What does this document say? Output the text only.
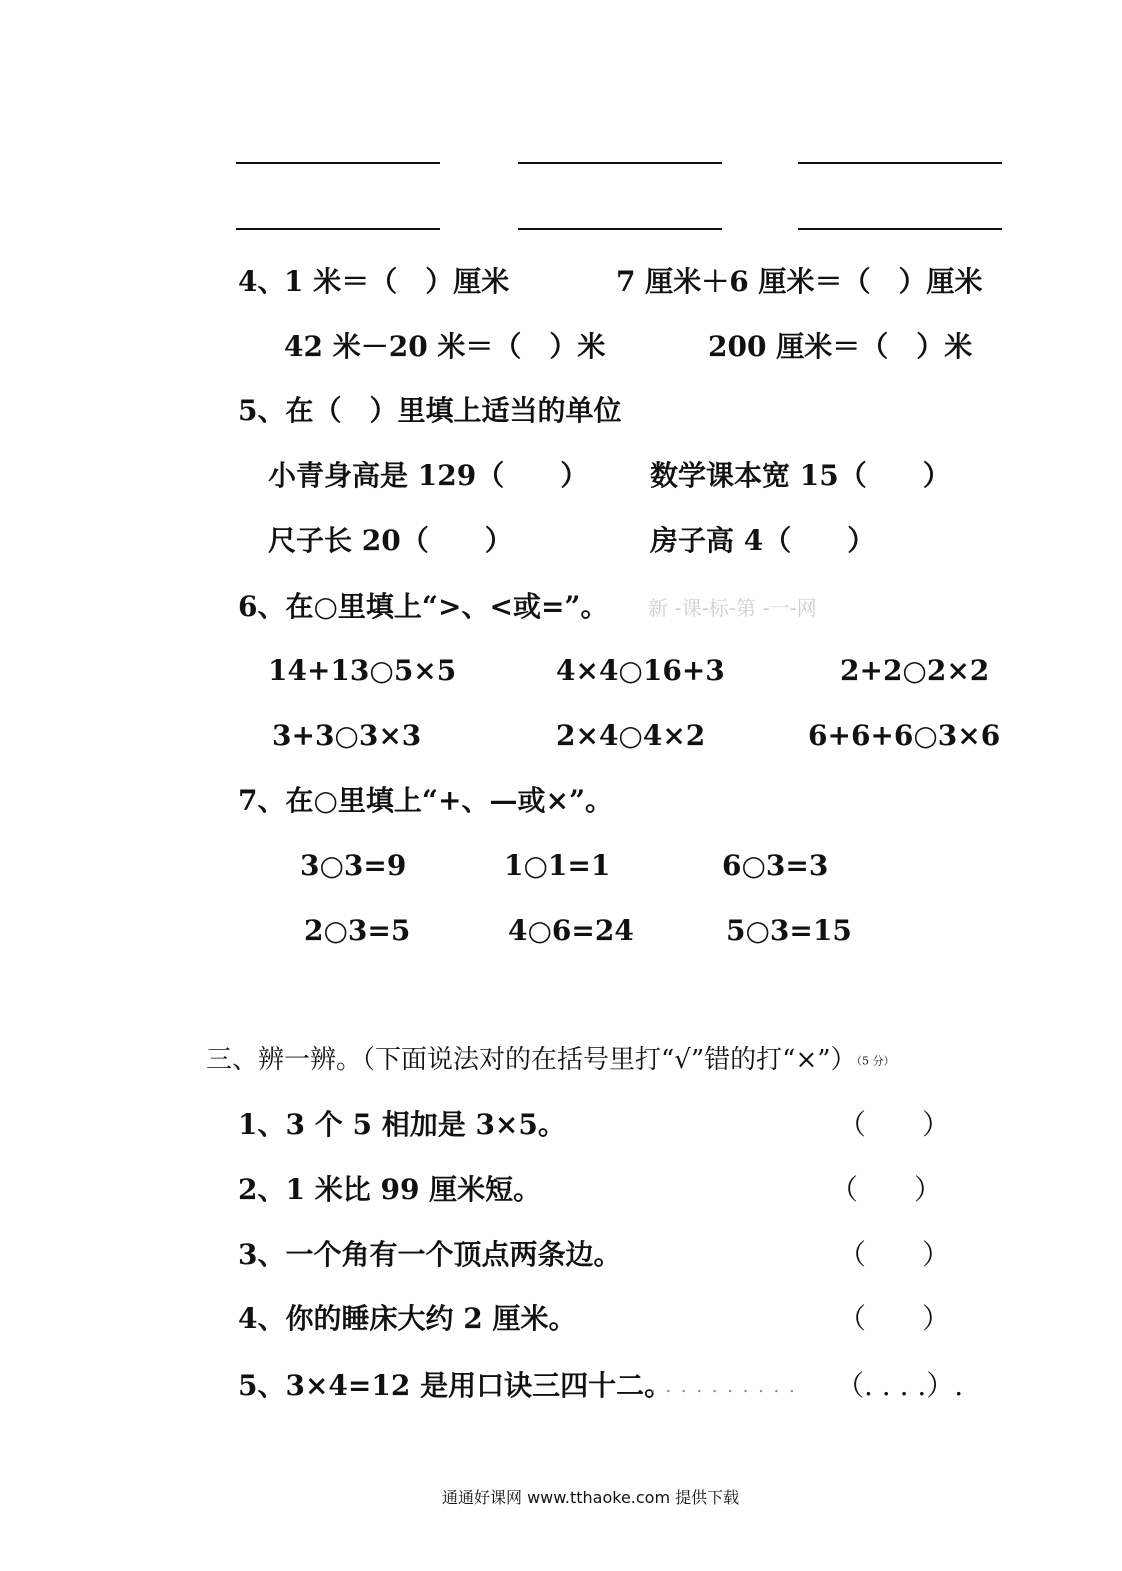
4、
1 米＝（　）厘米	7 厘米＋6 厘米＝（　）厘米
42 米－20 米＝（　）米	200 厘米＝（　）米
5、在（　）里填上适当的单位
小青身高是 129（　　） 数学课本宽 15（　　）
尺子长 20（　　）	房子高 4（　　）
6、在○里填上“>、<或=”。 新 -课-标-第 -一-网
14+13○5×5	4×4○16+3	2+2○2×2
3+3○3×3	2×4○4×2	6+6+6○3×6
7、在○里填上“+、—或×”。
3○3=9	1○1=1	6○3=3
2○3=5	4○6=24	5○3=15
三、辨一辨。（下面说法对的在括号里打“√”错的打“×”）（5 分）
1、3 个 5 相加是 3×5。	（　　）
2、1 米比 99 厘米短。	（　　）
3、一个角有一个顶点两条边。	（　　）
4、你的睡床大约 2 厘米。	（　　）
5、3×4=12 是用口诀三四十二。
. . . . . . . . . . （. . . .）.
通通好课网 www.tthaoke.com 提供下载
